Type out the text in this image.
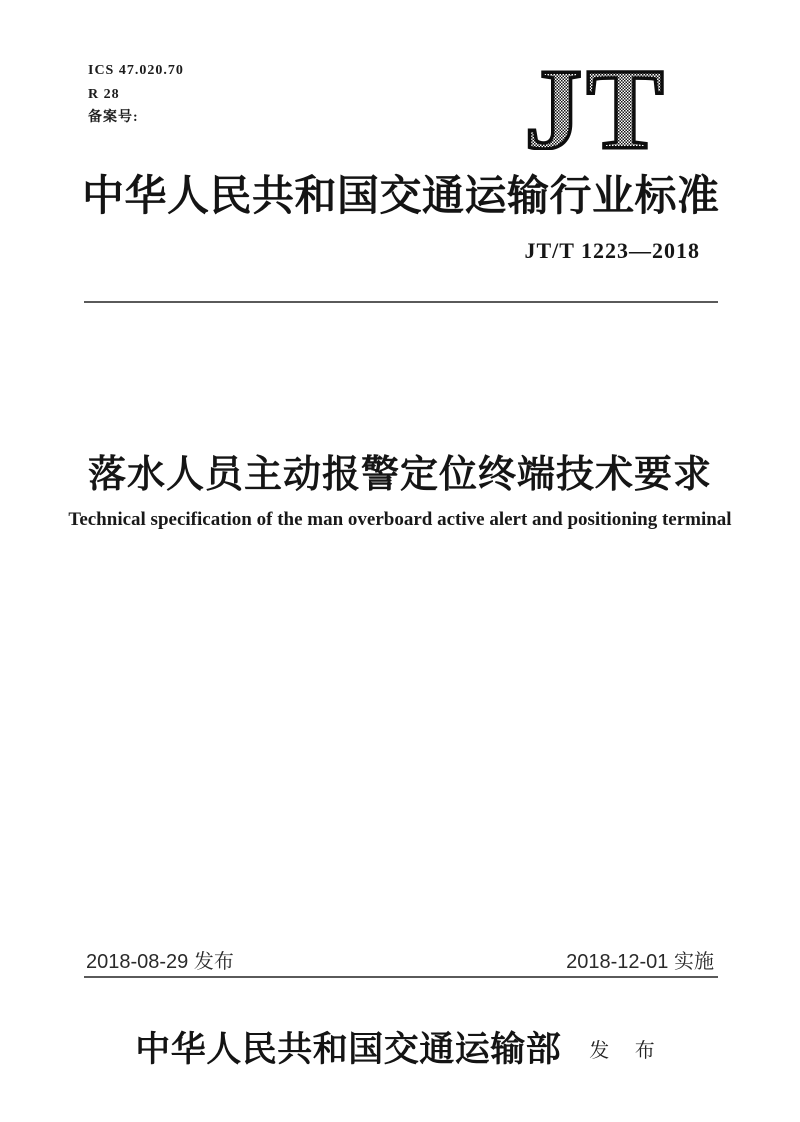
ICS 47.020.70
R 28
备案号:	JT
中华人民共和国交通运输行业标准
JT/T 1223—2018
落水人员主动报警定位终端技术要求
Technical specification of the man overboard active alert and positioning terminal
2018-08-29 发布	2018-12-01 实施
中华人民共和国交通运输部 发 布
